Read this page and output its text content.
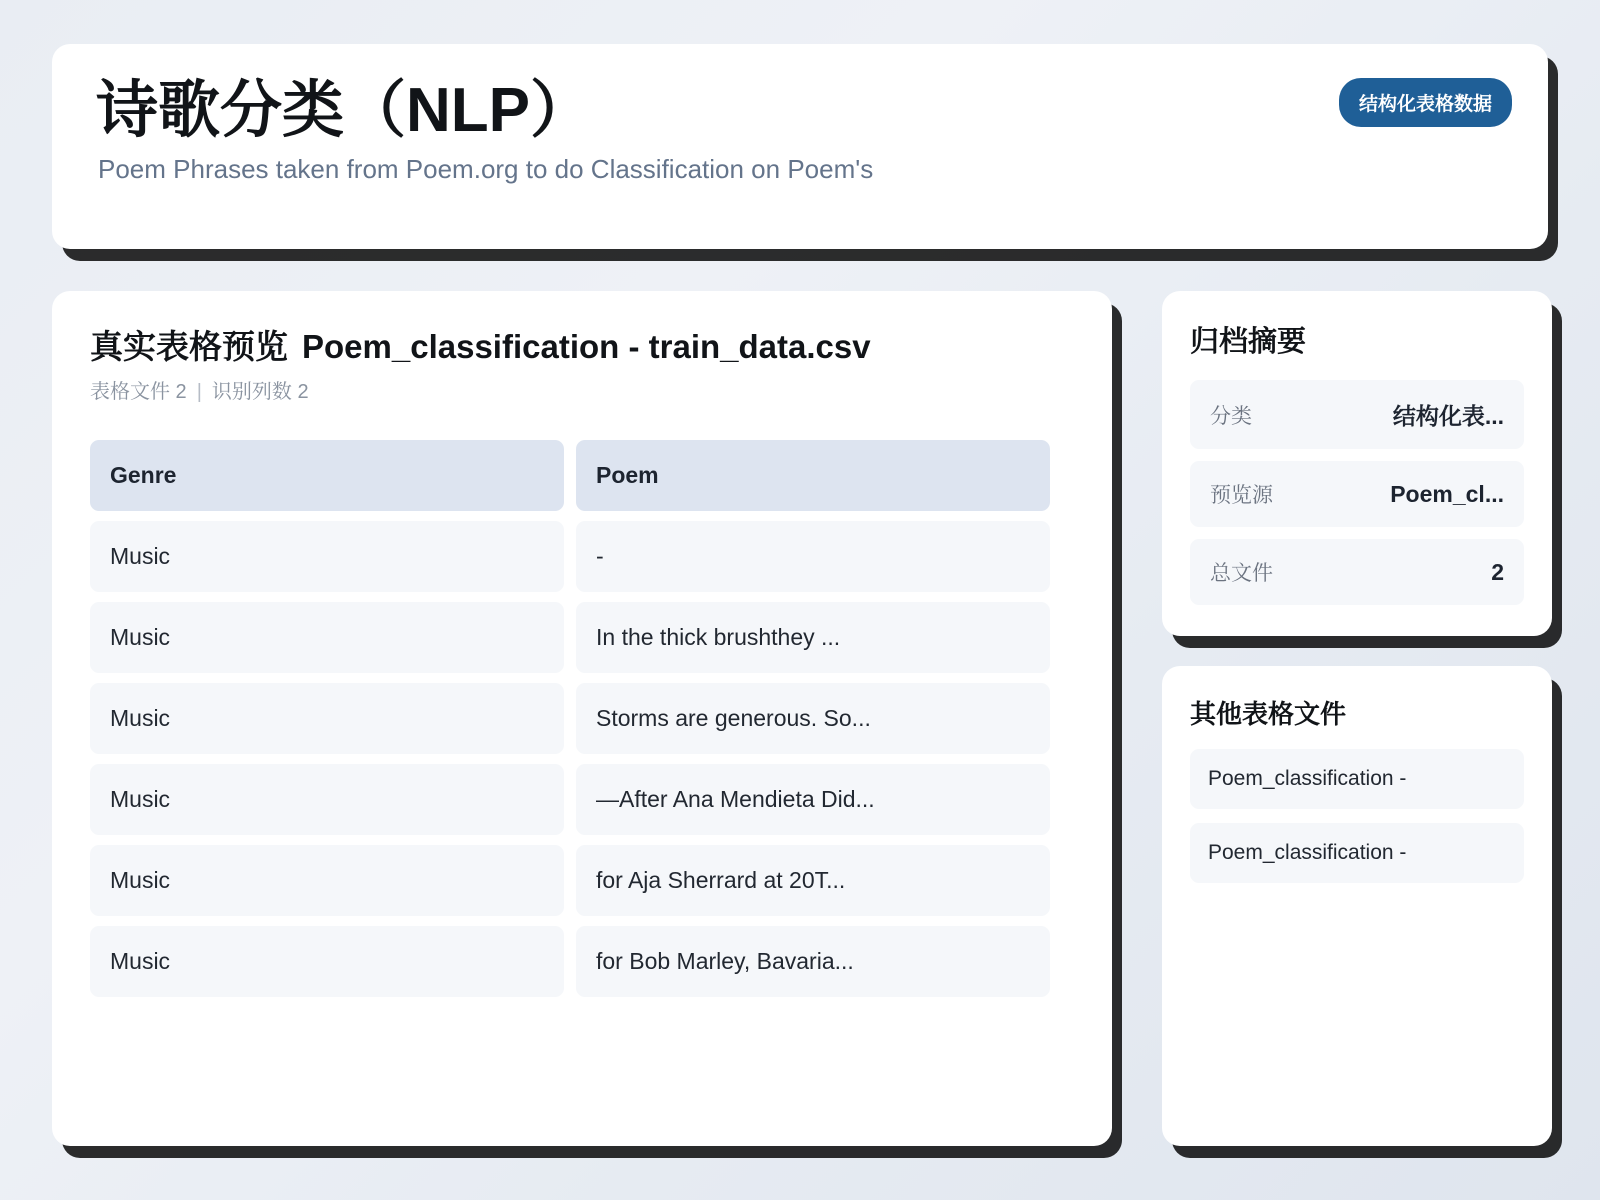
诗歌分类（NLP）
Poem Phrases taken from Poem.org to do Classification on Poem's
结构化表格数据
真实表格预览 Poem_classification - train_data.csv
表格文件 2 | 识别列数 2
Genre	Poem
Music	-
Music	In the thick brushthey ...
Music	Storms are generous. So...
Music	—After Ana Mendieta Did...
Music	for Aja Sherrard at 20T...
Music	for Bob Marley, Bavaria...
归档摘要
分类	结构化表...
预览源	Poem_cl...
总文件	2
其他表格文件
Poem_classification -
Poem_classification -
